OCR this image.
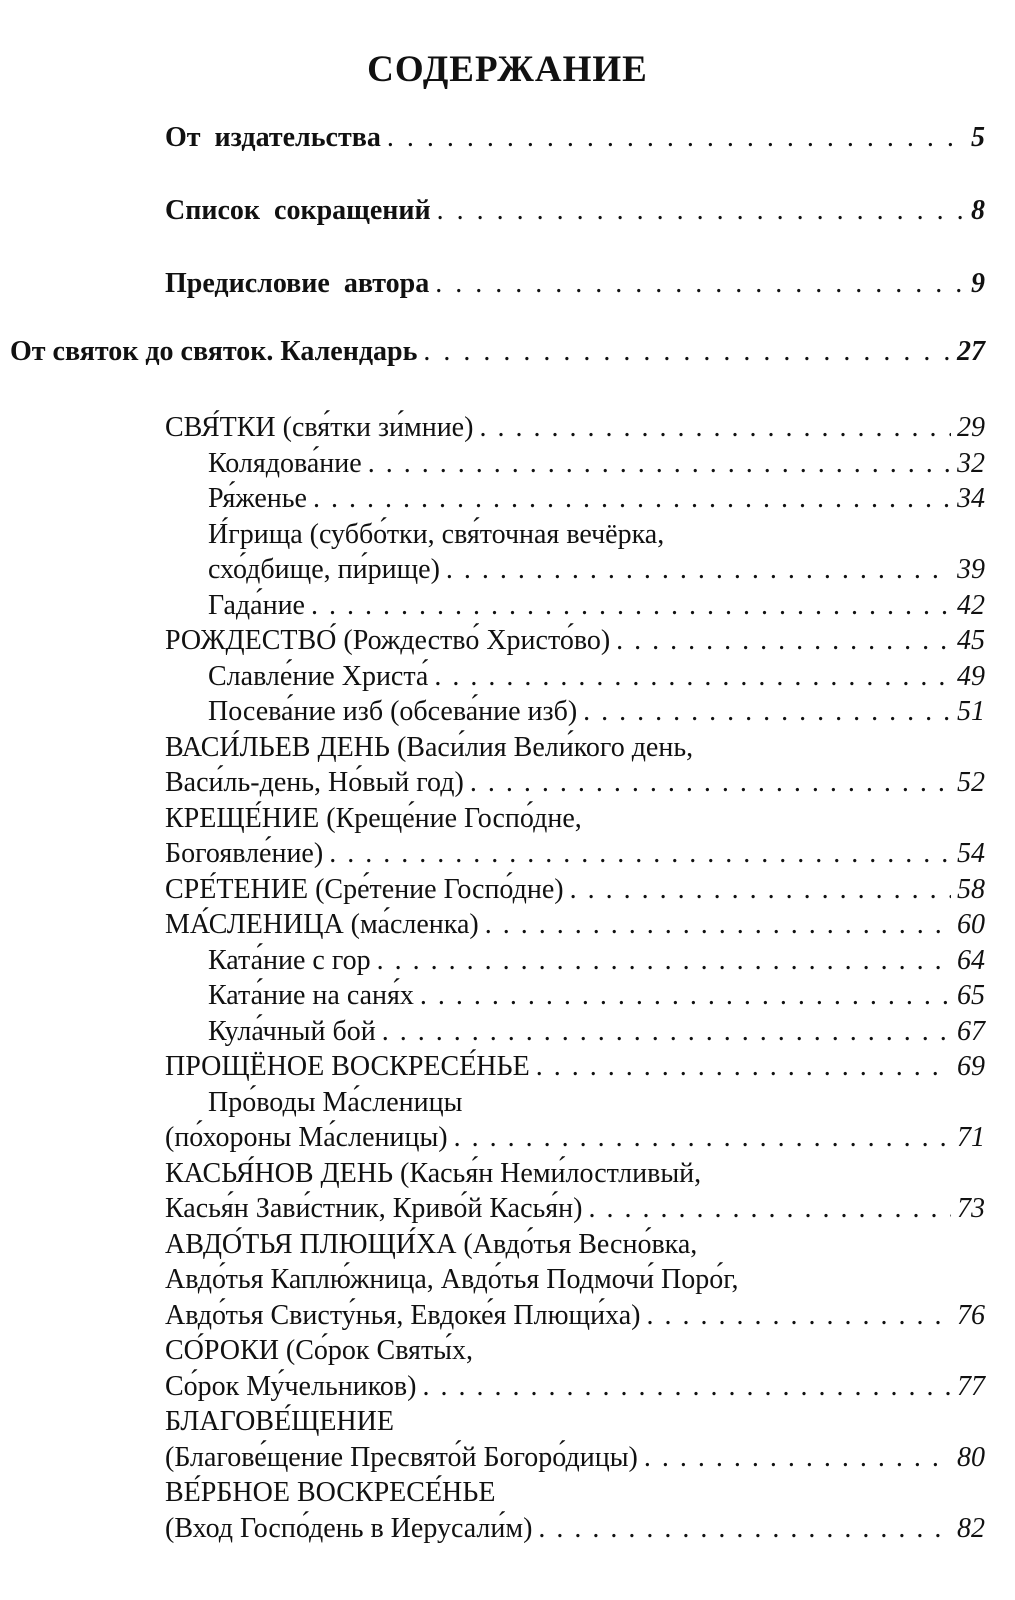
СОДЕРЖАНИЕ
От  издательства . . .	5
Список  сокращений . . .	8
Предисловие  автора . . .	9
От святок до святок. Календарь . . .	27
СВЯ́ТКИ (свя́тки зи́мние) . . .	29
Колядова́ние . . .	32
Ря́женье . . .	34
И́грища (суббо́тки, свя́точная вечёрка,
схо́дбище, пи́рище) . . .	39
Гада́ние . . .	42
РОЖДЕСТВО́ (Рождество́ Христо́во) . . .	45
Славле́ние Христа́ . . .	49
Посева́ние изб (обсева́ние изб) . . .	51
ВАСИ́ЛЬЕВ ДЕНЬ (Васи́лия Вели́кого день,
Васи́ль-день, Но́вый год) . . .	52
КРЕЩЕ́НИЕ (Креще́ние Госпо́дне,
Богоявле́ние) . . .	54
СРЕ́ТЕНИЕ (Сре́тение Госпо́дне) . . .	58
МА́СЛЕНИЦА (ма́сленка) . . .	60
Ката́ние с гор . . .	64
Ката́ние на саня́х . . .	65
Кула́чный бой . . .	67
ПРОЩЁНОЕ ВОСКРЕСЕ́НЬЕ . . .	69
Про́воды Ма́сленицы
(по́хороны Ма́сленицы) . . .	71
КАСЬЯ́НОВ ДЕНЬ (Касья́н Неми́лостливый,
Касья́н Зави́стник, Криво́й Касья́н) . . .	73
АВДО́ТЬЯ ПЛЮЩИ́ХА (Авдо́тья Весно́вка,
Авдо́тья Каплю́жница, Авдо́тья Подмочи́ Поро́г,
Авдо́тья Свисту́нья, Евдоке́я Плющи́ха) . . .	76
СО́РОКИ (Со́рок Святы́х,
Со́рок Му́чельников) . . .	77
БЛАГОВЕ́ЩЕНИЕ
(Благове́щение Пресвято́й Богоро́дицы) . . .	80
ВЕ́РБНОЕ ВОСКРЕСЕ́НЬЕ
(Вход Госпо́день в Иерусали́м) . . .	82
